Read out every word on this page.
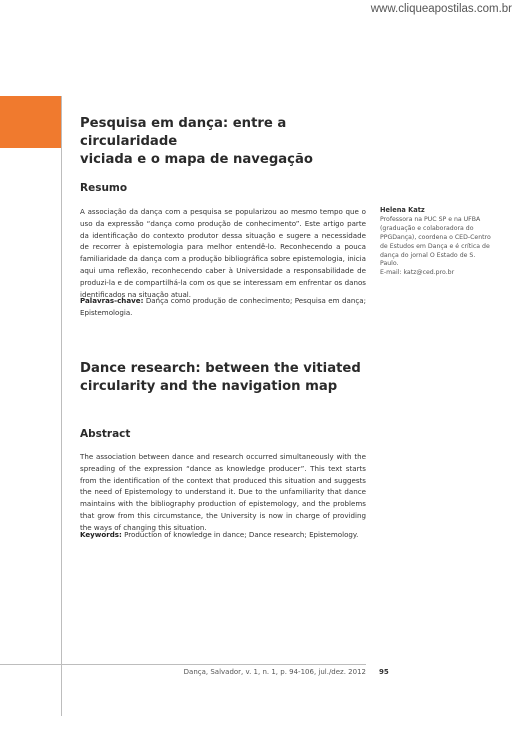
www.cliqueapostilas.com.br
Pesquisa em dança: entre a circularidade
viciada e o mapa de navegação
Resumo

A associação da dança com a pesquisa se popularizou ao mesmo tempo que o uso da expressão “dança como produção de conhecimento”. Este artigo parte da identificação do contexto produtor dessa situação e sugere a necessidade de recorrer à epistemologia para melhor entendê-lo. Reconhecendo a pouca familiaridade da dança com a produção bibliográfica sobre epistemologia, inicia aqui uma reflexão, reconhecendo caber à Universidade a responsabilidade de produzi-la e de compartilhá-la com os que se interessam em enfrentar os danos identificados na situação atual.

Palavras-chave: Dança como produção de conhecimento; Pesquisa em dança; Epistemologia.

Helena Katz
Professora na PUC SP e na UFBA (graduação e colaboradora do PPGDança), coordena o CED-Centro de Estudos em Dança e é crítica de dança do jornal O Estado de S. Paulo.
E-mail: katz@ced.pro.br
Dance research: between the vitiated
circularity and the navigation map
Abstract

The association between dance and research occurred simultaneously with the spreading of the expression “dance as knowledge producer”. This text starts from the identification of the context that produced this situation and suggests the need of Epistemology to understand it. Due to the unfamiliarity that dance maintains with the bibliography production of epistemology, and the problems that grow from this circumstance, the University is now in charge of providing the ways of changing this situation.

Keywords: Production of knowledge in dance; Dance research; Epistemology.

Dança, Salvador, v. 1, n. 1, p. 94-106, jul./dez. 2012 95
